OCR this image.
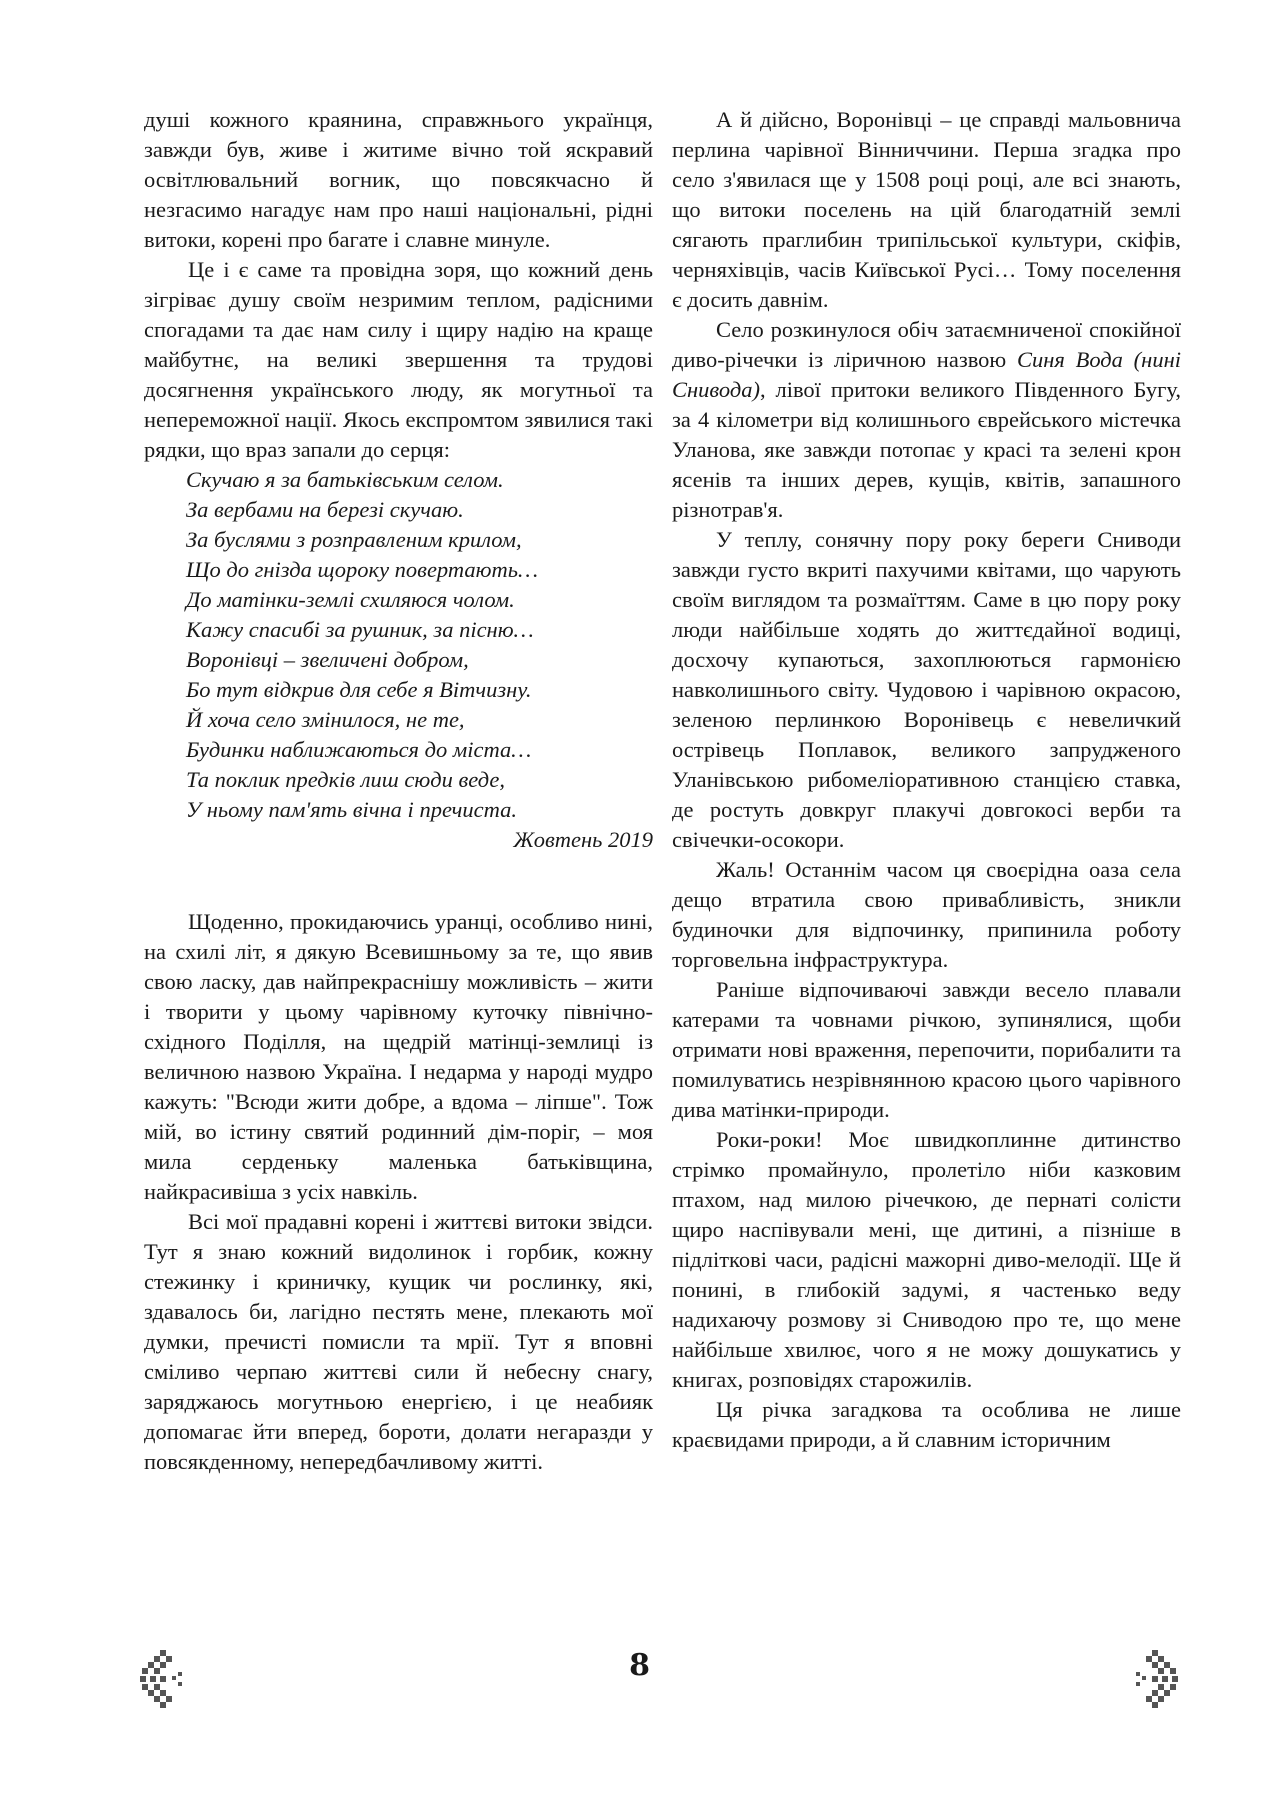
душі кожного краянина, справжнього українця, завжди був, живе і житиме вічно той яскравий освітлювальний вогник, що повсякчасно й незгасимо нагадує нам про наші національні, рідні витоки, корені про багате і славне минуле.

Це і є саме та провідна зоря, що кожний день зігріває душу своїм незримим теплом, радісними спогадами та дає нам силу і щиру надію на краще майбутнє, на великі звершення та трудові досягнення українського люду, як могутньої та непереможної нації. Якось експромтом зявилися такі рядки, що враз запали до серця:

Скучаю я за батьківським селом.
За вербами на березі скучаю.
За буслями з розправленим крилом,
Що до гнізда щороку повертають…
До матінки-землі схиляюся чолом.
Кажу спасибі за рушник, за пісню…
Воронівці – звеличені добром,
Бо тут відкрив для себе я Вітчизну.
Й хоча село змінилося, не те,
Будинки наближаються до міста…
Та поклик предків лиш сюди веде,
У ньому пам'ять вічна і пречиста.
Жовтень 2019

Щоденно, прокидаючись уранці, особливо нині, на схилі літ, я дякую Всевишньому за те, що явив свою ласку, дав найпрекраснішу можливість – жити і творити у цьому чарівному куточку північно-східного Поділля, на щедрій матінці-землиці із величною назвою Україна. І недарма у народі мудро кажуть: "Всюди жити добре, а вдома – ліпше". Тож мій, во істину святий родинний дім-поріг, – моя мила серденьку маленька батьківщина, найкрасивіша з усіх навкіль.

Всі мої прадавні корені і життєві витоки звідси. Тут я знаю кожний видолинок і горбик, кожну стежинку і криничку, кущик чи рослинку, які, здавалось би, лагідно пестять мене, плекають мої думки, пречисті помисли та мрії. Тут я вповні сміливо черпаю життєві сили й небесну снагу, заряджаюсь могутньою енергією, і це неабияк допомагає йти вперед, бороти, долати негаразди у повсякденному, непередбачливому житті.

А й дійсно, Воронівці – це справді мальовнича перлина чарівної Вінниччини. Перша згадка про село з'явилася ще у 1508 році році, але всі знають, що витоки поселень на цій благодатній землі сягають праглибин трипільської культури, скіфів, черняхівців, часів Київської Русі… Тому поселення є досить давнім.

Село розкинулося обіч затаємниченої спокійної диво-річечки із ліричною назвою Синя Вода (нині Снивода), лівої притоки великого Південного Бугу, за 4 кілометри від колишнього єврейського містечка Уланова, яке завжди потопає у красі та зелені крон ясенів та інших дерев, кущів, квітів, запашного різнотрав'я.

У теплу, сонячну пору року береги Сниводи завжди густо вкриті пахучими квітами, що чарують своїм виглядом та розмаїттям. Саме в цю пору року люди найбільше ходять до життєдайної водиці, досхочу купаються, захоплюються гармонією навколишнього світу. Чудовою і чарівною окрасою, зеленою перлинкою Воронівець є невеличкий острівець Поплавок, великого запрудженого Уланівською рибомеліоративною станцією ставка, де ростуть довкруг плакучі довгокосі верби та свічечки-осокори.

Жаль! Останнім часом ця своєрідна оаза села дещо втратила свою привабливість, зникли будиночки для відпочинку, припинила роботу торговельна інфраструктура.

Раніше відпочиваючі завжди весело плавали катерами та човнами річкою, зупинялися, щоби отримати нові враження, перепочити, порибалити та помилуватись незрівнянною красою цього чарівного дива матінки-природи.

Роки-роки! Моє швидкоплинне дитинство стрімко промайнуло, пролетіло ніби казковим птахом, над милою річечкою, де пернаті солісти щиро наспівували мені, ще дитині, а пізніше в підліткові часи, радісні мажорні диво-мелодії. Ще й понині, в глибокій задумі, я частенько веду надихаючу розмову зі Сниводою про те, що мене найбільше хвилює, чого я не можу дошукатись у книгах, розповідях старожилів.

Ця річка загадкова та особлива не лише краєвидами природи, а й славним історичним

8
